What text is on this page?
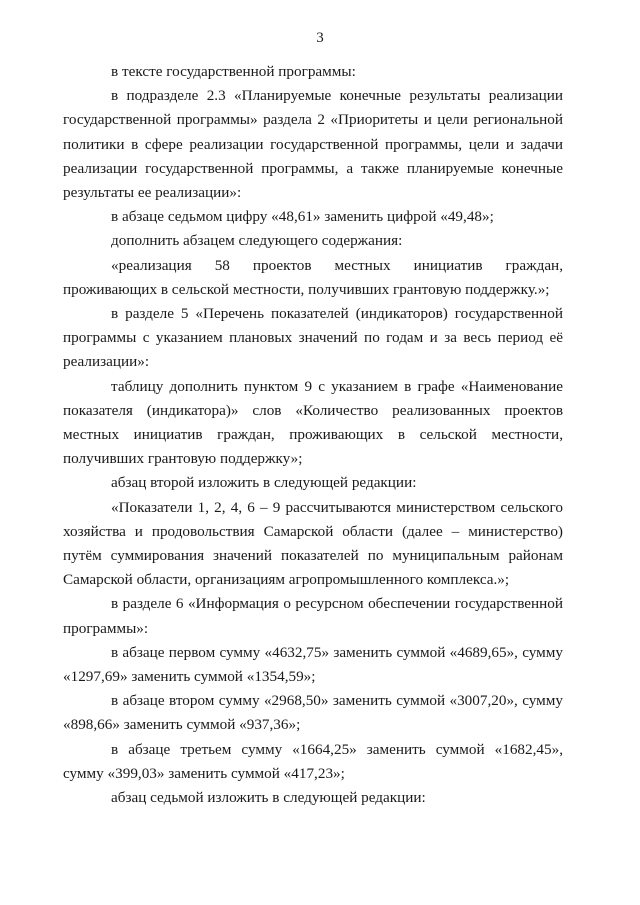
3

в тексте государственной программы:

в подразделе 2.3 «Планируемые конечные результаты реализации государственной программы» раздела 2 «Приоритеты и цели региональной политики в сфере реализации государственной программы, цели и задачи реализации государственной программы, а также планируемые конечные результаты ее реализации»:

в абзаце седьмом цифру «48,61» заменить цифрой «49,48»;

дополнить абзацем следующего содержания:

«реализация 58 проектов местных инициатив граждан, проживающих в сельской местности, получивших грантовую поддержку.»;

в разделе 5 «Перечень показателей (индикаторов) государственной программы с указанием плановых значений по годам и за весь период её реализации»:

таблицу дополнить пунктом 9 с указанием в графе «Наименование показателя (индикатора)» слов «Количество реализованных проектов местных инициатив граждан, проживающих в сельской местности, получивших грантовую поддержку»;

абзац второй изложить в следующей редакции:

«Показатели 1, 2, 4, 6 – 9 рассчитываются министерством сельского хозяйства и продовольствия Самарской области (далее – министерство) путём суммирования значений показателей по муниципальным районам Самарской области, организациям агропромышленного комплекса.»;

в разделе 6 «Информация о ресурсном обеспечении государственной программы»:

в абзаце первом сумму «4632,75» заменить суммой «4689,65», сумму «1297,69» заменить суммой «1354,59»;

в абзаце втором сумму «2968,50» заменить суммой «3007,20», сумму «898,66» заменить суммой «937,36»;

в абзаце третьем сумму «1664,25» заменить суммой «1682,45», сумму «399,03» заменить суммой «417,23»;

абзац седьмой изложить в следующей редакции:
